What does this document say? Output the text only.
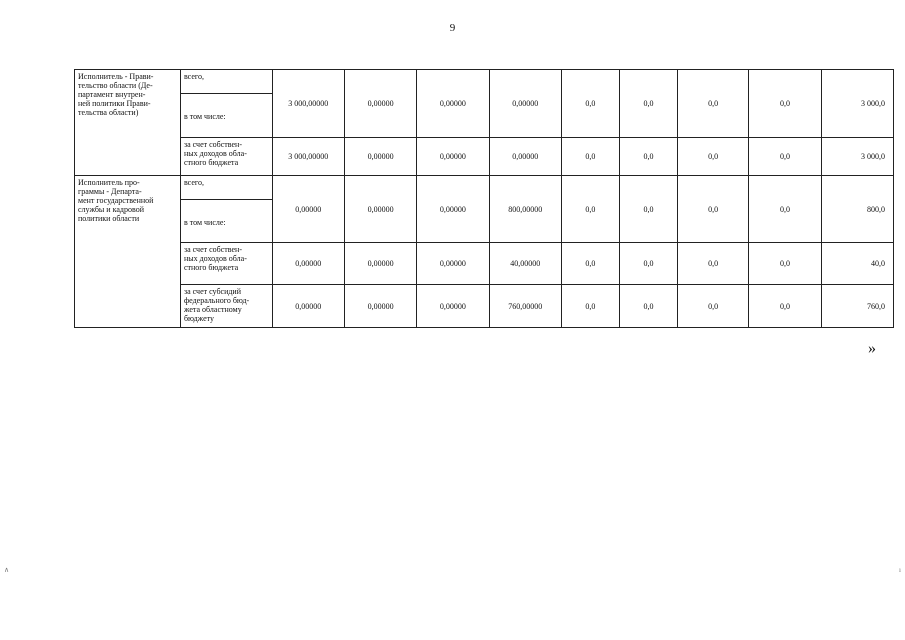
9
Исполнитель - Прави-
тельство области (Де-
партамент внутрен-
ней политики Прави-
тельства области)	всего,	3 000,00000	0,00000	0,00000	0,00000	0,0	0,0	0,0	0,0	3 000,0

	в том числе:									

	за счет собствен-
ных доходов обла-
стного бюджета	3 000,00000	0,00000	0,00000	0,00000	0,0	0,0	0,0	0,0	3 000,0

Исполнитель про-
граммы - Департа-
мент государственной
службы и кадровой
политики области	всего,	0,00000	0,00000	0,00000	800,00000	0,0	0,0	0,0	0,0	800,0

	в том числе:									

	за счет собствен-
ных доходов обла-
стного бюджета	0,00000	0,00000	0,00000	40,00000	0,0	0,0	0,0	0,0	40,0

	за счет субсидий
федерального бюд-
жета областному
бюджету	0,00000	0,00000	0,00000	760,00000	0,0	0,0	0,0	0,0	760,0
»
∧	ı
